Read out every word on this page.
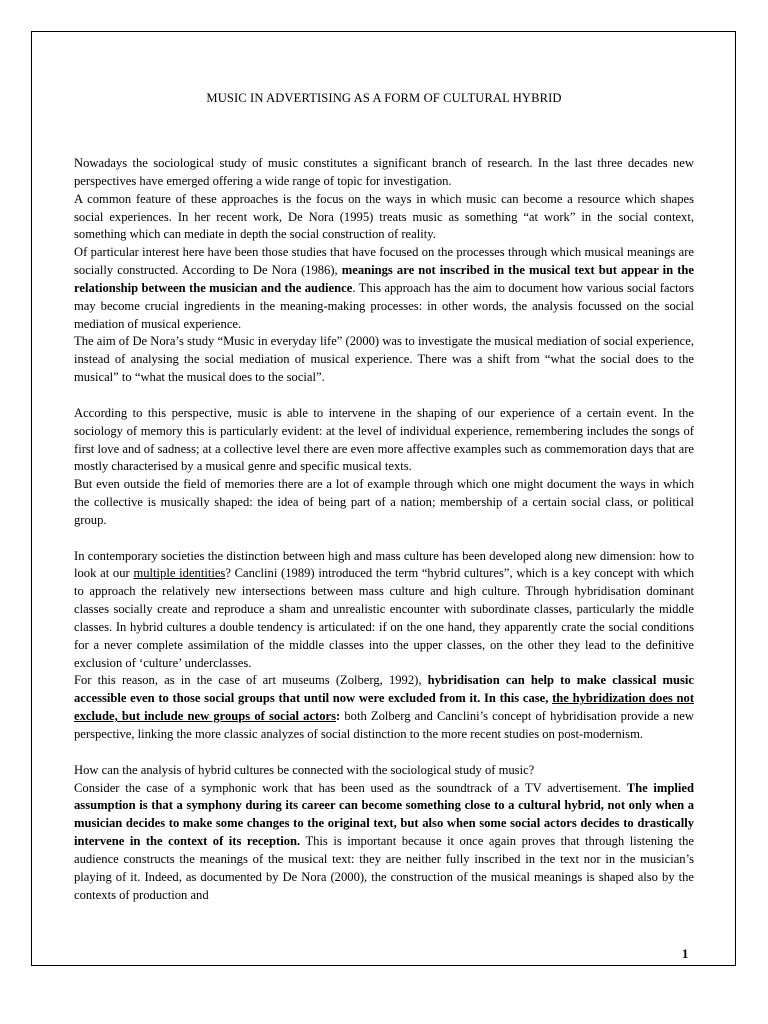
MUSIC IN ADVERTISING AS A FORM OF CULTURAL HYBRID

Nowadays the sociological study of music constitutes a significant branch of research. In the last three decades new perspectives have emerged offering a wide range of topic for investigation.

A common feature of these approaches is the focus on the ways in which music can become a resource which shapes social experiences. In her recent work, De Nora (1995) treats music as something “at work” in the social context, something which can mediate in depth the social construction of reality.

Of particular interest here have been those studies that have focused on the processes through which musical meanings are socially constructed. According to De Nora (1986), meanings are not inscribed in the musical text but appear in the relationship between the musician and the audience. This approach has the aim to document how various social factors may become crucial ingredients in the meaning-making processes: in other words, the analysis focussed on the social mediation of musical experience.

The aim of De Nora’s study “Music in everyday life” (2000) was to investigate the musical mediation of social experience, instead of analysing the social mediation of musical experience. There was a shift from “what the social does to the musical” to “what the musical does to the social”.

According to this perspective, music is able to intervene in the shaping of our experience of a certain event. In the sociology of memory this is particularly evident: at the level of individual experience, remembering includes the songs of first love and of sadness; at a collective level there are even more affective examples such as commemoration days that are mostly characterised by a musical genre and specific musical texts.

But even outside the field of memories there are a lot of example through which one might document the ways in which the collective is musically shaped: the idea of being part of a nation; membership of a certain social class, or political group.

In contemporary societies the distinction between high and mass culture has been developed along new dimension: how to look at our multiple identities? Canclini (1989) introduced the term “hybrid cultures”, which is a key concept with which to approach the relatively new intersections between mass culture and high culture. Through hybridisation dominant classes socially create and reproduce a sham and unrealistic encounter with subordinate classes, particularly the middle classes. In hybrid cultures a double tendency is articulated: if on the one hand, they apparently crate the social conditions for a never complete assimilation of the middle classes into the upper classes, on the other they lead to the definitive exclusion of ‘culture’ underclasses.

For this reason, as in the case of art museums (Zolberg, 1992), hybridisation can help to make classical music accessible even to those social groups that until now were excluded from it. In this case, the hybridization does not exclude, but include new groups of social actors: both Zolberg and Canclini’s concept of hybridisation provide a new perspective, linking the more classic analyzes of social distinction to the more recent studies on post-modernism.

How can the analysis of hybrid cultures be connected with the sociological study of music?

Consider the case of a symphonic work that has been used as the soundtrack of a TV advertisement. The implied assumption is that a symphony during its career can become something close to a cultural hybrid, not only when a musician decides to make some changes to the original text, but also when some social actors decides to drastically intervene in the context of its reception. This is important because it once again proves that through listening the audience constructs the meanings of the musical text: they are neither fully inscribed in the text nor in the musician’s playing of it. Indeed, as documented by De Nora (2000), the construction of the musical meanings is shaped also by the contexts of production and

1
